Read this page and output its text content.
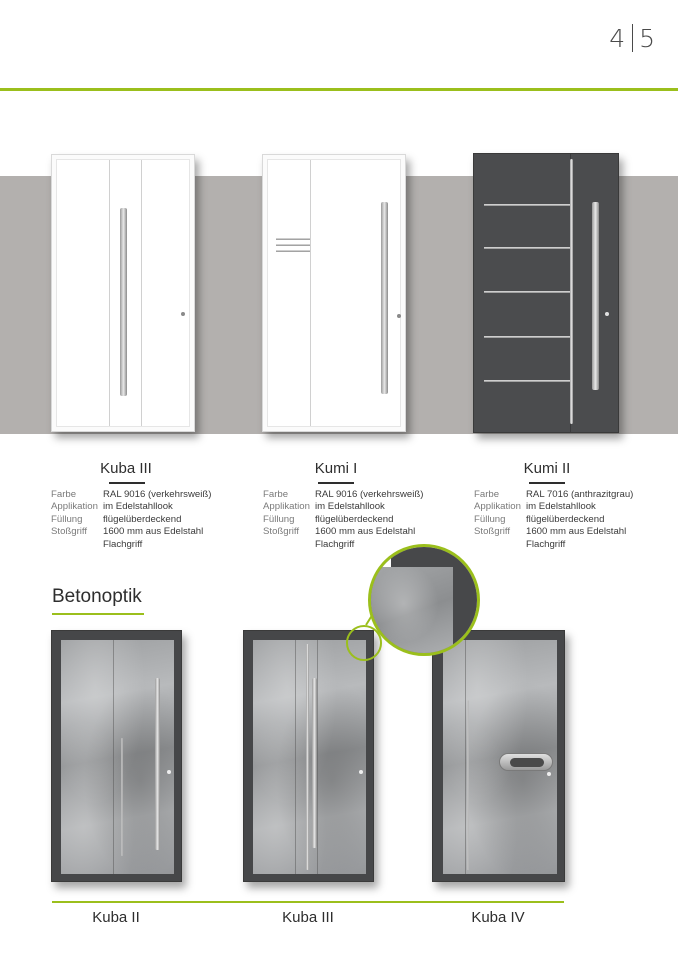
4 5
Kuba III	Kumi I	Kumi II
Farbe	RAL 9016 (verkehrsweiß)
Applikation im Edelstahllook
Füllung	flügelüberdeckend
Stoßgriff	1600 mm aus Edelstahl
Flachgriff
Farbe	RAL 9016 (verkehrsweiß)
Applikation im Edelstahllook
Füllung	flügelüberdeckend
Stoßgriff	1600 mm aus Edelstahl
Flachgriff
Farbe	RAL 7016 (anthrazitgrau)
Applikation im Edelstahllook
Füllung	flügelüberdeckend
Stoßgriff	1600 mm aus Edelstahl
Flachgriff
Betonoptik
Kuba II	Kuba III	Kuba IV
